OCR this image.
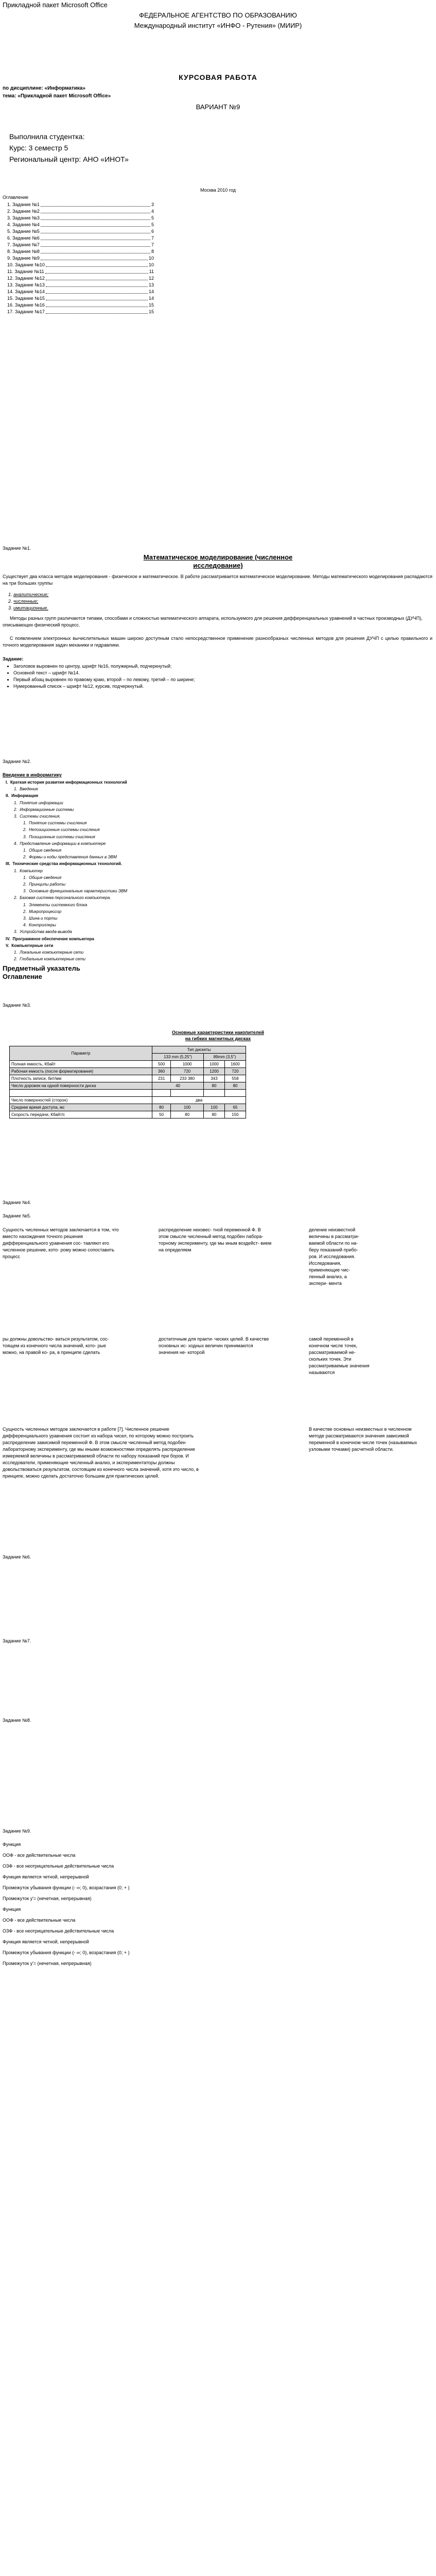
Прикладной пакет Microsoft Office
ФЕДЕРАЛЬНОЕ АГЕНТСТВО ПО ОБРАЗОВАНИЮ
Международный институт «ИНФО - Рутения» (МИИР)
КУРСОВАЯ РАБОТА
по дисциплине: «Информатика»
тема: «Прикладной пакет Microsoft Office»
ВАРИАНТ №9
Выполнила студентка:
Курс: 3 семестр 5
Региональный центр: АНО «ИНОТ»
Москва 2010 год
Оглавление
1. Задание №1	3
2. Задание №2	4
3. Задание №3	5
4. Задание №4	5
5. Задание №5	6
6. Задание №6	7
7. Задание №7	7
8. Задание №8	8
9. Задание №9	10
10. Задание №10	10
11. Задание №11	11
12. Задание №12	12
13. Задание №13	13
14. Задание №14	14
15. Задание №15	14
16. Задание №16	15
17. Задание №17	15
Задание №1.
Математическое моделирование (численное
исследование)
Существует два класса методов моделирования - физическое и математическое. В работе рассматривается математическое моделирование. Методы математического моделирования распадаются на три больших группы
1. аналитические;
2. численные;
3. имитационные.
Методы разных групп различаются типами, способами и сложностью математического аппарата, используемого для решения дифференциальных уравнений в частных производных (ДУЧП), описывающих физический процесс.
С появлением электронных вычислительных машин широко доступным стало непосредственное применение разнообразных численных методов для решения ДУЧП с целью правильного и точного моделирования задач механики и гидравлики.
Задание:
• Заголовок выровнен по центру, шрифт №16, полужирный, подчеркнутый;
• Основной текст – шрифт №14.
• Первый абзац выровнен по правому краю, второй – по левому, третий – по ширине;
• Нумерованный список – шрифт №12, курсив, подчеркнутый.
Задание №2.
Введение в информатику
I.  Краткая история развития информационных технологий
1.  Введение
II.  Информация
1.  Понятие информации
2.  Информационные системы
3.  Системы счисления.
1.  Понятие системы счисления
2.  Непозиционные системы счисления
3.  Позиционные системы счисления
4.  Представление информации в компьютере
1.  Общие сведения
2.  Формы и коды представления данных в ЭВМ
III.  Технические средства информационных технологий.
1.  Компьютер
1.  Общие сведения
2.  Принципы работы
3.  Основные функциональные характеристики ЭВМ
2.  Базовая система персонального компьютера.
1.  Элементы системного блока
2.  Микропроцессор
3.  Шина и порты
4.  Контроллеры
3.  Устройства ввода-вывода
IV.  Программное обеспечение компьютера
V.  Компьютерные сети
1.  Локальные компьютерные сети
2.  Глобальные компьютерные сети
Предметный указатель
Оглавление
Задание №3.
Основные характеристики накопителей
на гибких магнитных дисках
Параметр	Тип дискеты			
	133 mm (5,25")		89mm (3,5")	
Полная емкость, Кбайт	500	1000	1000	1600
Рабочая емкость (после форматирования)	360	720	1200	720
Плотность записи, бит/мм	231	233 380	343	558
Число дорожек на одной поверхности диска	40		80	80

Число поверхностей (сторон)	два			
Среднее время доступа, мс	80	100	100	65
Скорость передачи, Кбайт/с	50	80	80	150
Задание №4.
Задание №5.
Сущность численных методов заключается в том, что вместо нахождения точного решения дифференциального уравнения сос- тавляют его численное решение, кото- рому можно сопоставить процесс
распределение неизвес- тной переменной Ф. В этом смысле численный метод подобен лабора- торному эксперименту, где мы иным воздейст- вием на определяем
деление неизвестной величины в рассматри- ваемой области по на- беру показаний прибо- ров. И исследования. Исследования, применяющие чис- ленный анализ, а экспери- мента
ры должны довольство- ваться результатом, сос- тоящем из конечного числа значений, кото- рые можно, на правой ко- ра, в принципе сделать
достаточным для практи- ческих целей. В качестве основных ис- ходных величин принимаются значения не- которой
самой переменной в конечном числе точек, рассматриваемой не- скольких точек. Эти рассматриваемые значения называются
Сущность численных методов заключается в работе [7]. Численное решение дифференциального уравнения состоит из набора чисел, по которому можно построить распределение зависимой переменной Ф. В этом смысле численный метод подобен лабораторному эксперименту, где мы иными возможностями определять распределение измеряемой величины в рассматриваемой области по набору показаний при боров. И исследователи, применяющие численный анализ, и экспериментаторы должны довольствоваться результатом, состоящим из конечного числа значений, хотя это число, в принципе, можно сделать достаточно большим для практических целей.
В качестве основных неизвестных в численном методе рассматриваются значения зависимой переменной в конечном числе точек (называемых узловыми точками) расчетной области.
Задание №6.
Задание №7.
Задание №8.
Задание №9.
Функция
ООФ - все действительные числа
ОЗФ - все неотрицательные действительные числа
Функция является четной, непрерывной
Промежуток убывания функции (- ∞; 0), возрастания (0; + )
Промежуток y'= (нечетная, непрерывная)
Функция
ООФ - все действительные числа
ОЗФ - все неотрицательные действительные числа
Функция является четной, непрерывной
Промежуток убывания функции (- ∞; 0), возрастания (0; + )
Промежуток y'= (нечетная, непрерывная)
